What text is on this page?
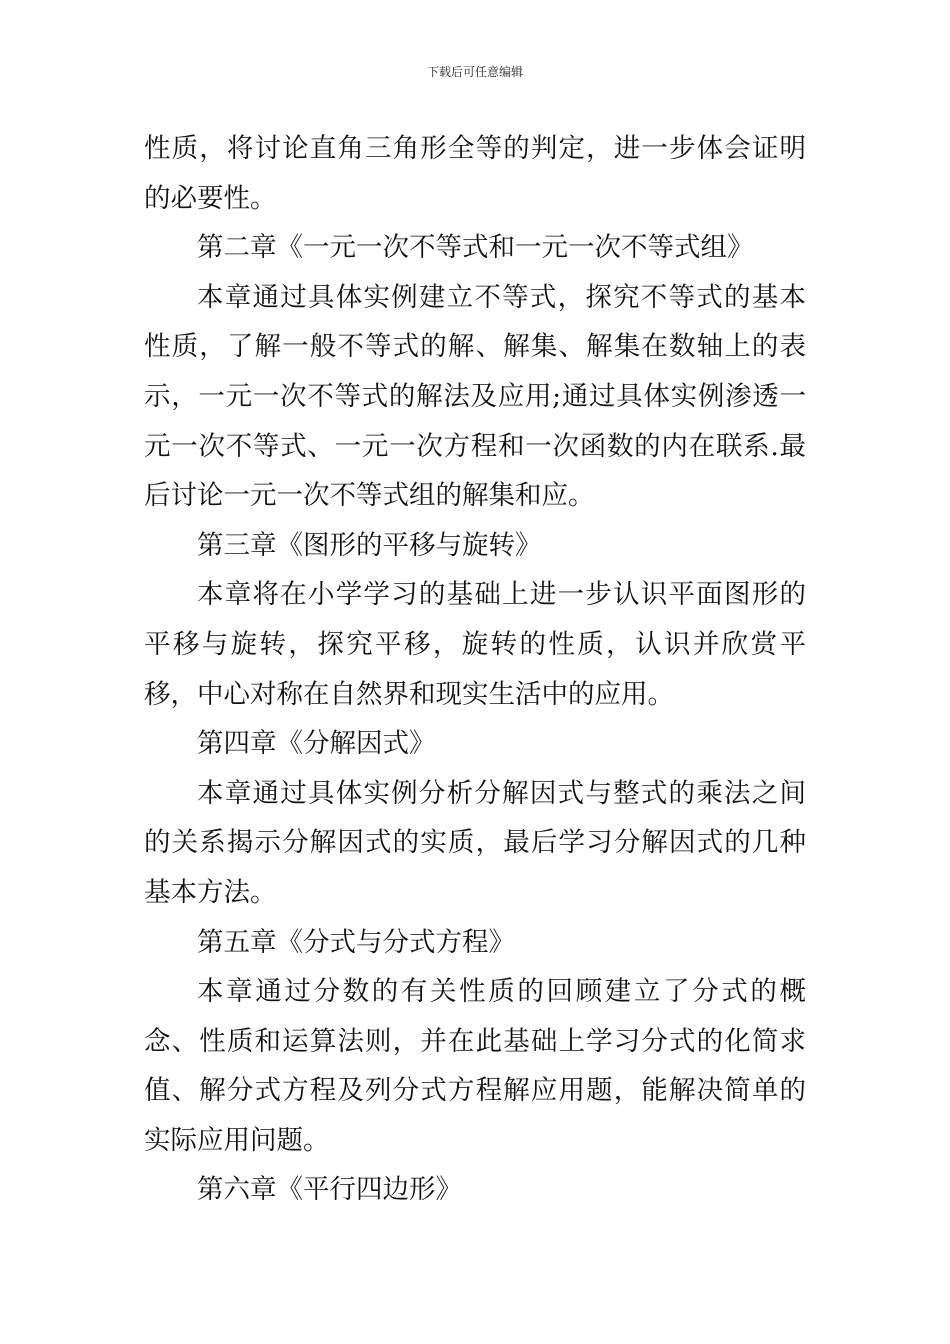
下载后可任意编辑

性质，将讨论直角三角形全等的判定，进一步体会证明的必要性。

第二章《一元一次不等式和一元一次不等式组》

本章通过具体实例建立不等式，探究不等式的基本性质，了解一般不等式的解、解集、解集在数轴上的表示，一元一次不等式的解法及应用;通过具体实例渗透一元一次不等式、一元一次方程和一次函数的内在联系.最后讨论一元一次不等式组的解集和应。

第三章《图形的平移与旋转》

本章将在小学学习的基础上进一步认识平面图形的平移与旋转，探究平移，旋转的性质，认识并欣赏平移，中心对称在自然界和现实生活中的应用。

第四章《分解因式》

本章通过具体实例分析分解因式与整式的乘法之间的关系揭示分解因式的实质，最后学习分解因式的几种基本方法。

第五章《分式与分式方程》

本章通过分数的有关性质的回顾建立了分式的概念、性质和运算法则，并在此基础上学习分式的化简求值、解分式方程及列分式方程解应用题，能解决简单的实际应用问题。

第六章《平行四边形》
